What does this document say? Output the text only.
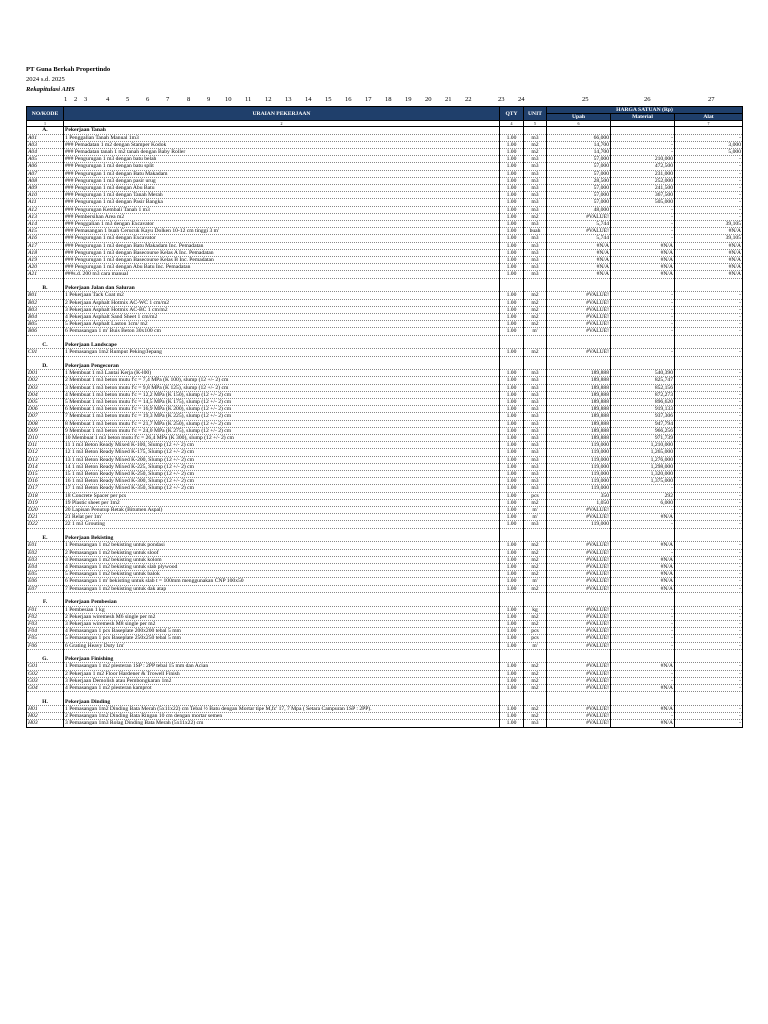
PT Guna Berkah Propertindo
2024 s.d. 2025
Rekapitulasi AHS
1 2 3	4	5	6	7	8	9 10 11 12 13 14 15 16 17 18 19 20 21 22	23 24	25	26	27
NO/KODE	URAIAN PEKERJAAN	QTY	UNIT	HARGA SATUAN (Rp)		
				Upah	Material	Alat
1	2	4	5	6		7
A.	Pekerjaan Tanah					
A01	1 Penggalian Tanah Manual 1m3	1.00	m3	66,000	-	-
A03	### Pemadatan 1 m2 dengan Stamper Kodok	1.00	m2	14,700	-	3,000
A04	### Pemadatan tanah 1 m2 tanah dengan Baby Roller	1.00	m2	14,700	-	5,000
A05	### Pengurugan 1 m3 dengan batu belah	1.00	m3	57,000	210,000	-
A06	### Pengurugan 1 m3 dengan batu split	1.00	m3	57,000	472,500	-
A07	### Pengurugan 1 m3 dengan Batu Makadam	1.00	m3	57,000	231,000	-
A08	### Pengurugan 1 m3 dengan pasir urug	1.00	m3	28,500	252,000	-
A09	### Pengurugan 1 m3 dengan Abu Batu	1.00	m3	57,000	241,500	-
A10	### Pengurugan 1 m3 dengan Tanah Merah	1.00	m3	57,000	367,500	-
A11	### Pengurugan 1 m3 dengan Pasir Bangka	1.00	m3	57,000	505,000	-
A12	### Pengurugan Kembali Tanah 1 m3	1.00	m3	48,000	-	-
A13	### Pembersihan Area m2	1.00	m2	#VALUE!	-	-
A14	### Penggalian 1 m3 dengan Excavator	1.00	m3	5,744	-	39,105
A15	### Pemasangan 1 buah Cerucuk Kayu Dolken 10-12 cm tinggi 3 m'	1.00	buah	#VALUE!	-	#N/A
A16	### Pengurugan 1 m3 dengan Excavator	1.00	m3	5,744	-	39,105
A17	### Pengurugan 1 m3 dengan Batu Makadam Inc. Pemadatan	1.00	m3	#N/A	#N/A	#N/A
A18	### Pengurugan 1 m3 dengan Basecourse Kelas A Inc. Pemadatan	1.00	m3	#N/A	#N/A	#N/A
A19	### Pengurugan 1 m3 dengan Basecourse Kelas B Inc. Pemadatan	1.00	m3	#N/A	#N/A	#N/A
A20	### Pengurugan 1 m3 dengan Abu Batu Inc. Pemadatan	1.00	m3	#N/A	#N/A	#N/A
A21	###s.d. 200 m3 cara manual	1.00	m3	#N/A	#N/A	#N/A

B.	Pekerjaan Jalan dan Saluran					
B01	1 Pekerjaan Tack Coat m2	1.00	m2	#VALUE!	-	-
B02	2 Pekerjaan Asphalt Hotmix AC-WC 1 cm/m2	1.00	m2	#VALUE!	-	-
B03	3 Pekerjaan Asphalt Hotmix AC-BC 1 cm/m2	1.00	m2	#VALUE!	-	-
B04	4 Pekerjaan Asphalt Sand Sheet 1 cm/m2	1.00	m2	#VALUE!	-	-
B05	5 Pekerjaan Asphalt Laston 1cm/ m2	1.00	m2	#VALUE!	-	-
B06	6 Pemasangan 1 m' Buis Beton 30x100 cm	1.00	m'	#VALUE!	-	-

C.	Pekerjaan Landscape					
C01	1 Pemasangan 1m2 Rumput Peking/Jepang	1.00	m2	#VALUE!	-	-

D.	Pekerjaan Pengecoran					
D01	1 Membuat 1 m3 Lantai Kerja (K-l00)	1.00	m3	189,888	540,390	-
D02	2 Membuat 1 m3 beton mutu f'c = 7,4 MPa (K 100), slump (12 +/- 2) cm	1.00	m3	189,888	825,747	-
D03	3 Membuat 1 m3 beton mutu f'c = 9,8 MPa (K 125), slump (12 +/- 2) cm	1.00	m3	189,888	852,156	-
D04	4 Membuat 1 m3 beton mutu f'c = 12,2 MPa (K 150), slump (12 +/- 2) cm	1.00	m3	189,888	872,273	-
D05	5 Membuat 1 m3 beton mutu f'c = 14,5 MPa (K 175), slump (12 +/- 2) cm	1.00	m3	189,888	896,620	-
D06	6 Membuat 1 m3 beton mutu f'c = 16,9 MPa (K 200), slump (12 +/- 2) cm	1.00	m3	189,888	919,133	-
D07	7 Membuat 1 m3 beton mutu f'c = 19,3 MPa (K 225), slump (12 +/- 2) cm	1.00	m3	189,888	937,306	-
D08	8 Membuat 1 m3 beton mutu f'c = 21,7 MPa (K 250), slump (12 +/- 2) cm	1.00	m3	189,888	947,794	-
D09	9 Membuat 1 m3 beton mutu f'c = 24,0 MPa (K 275), slump (12 +/- 2) cm	1.00	m3	189,888	966,256	-
D10	10 Membuat 1 m3 beton mutu f'c = 26,4 MPa (K 300), slump (12 +/- 2) cm	1.00	m3	189,888	971,739	-
D11	11 1 m3 Beton Ready Mixed K-100, Slump (12 +/- 2) cm	1.00	m3	119,000	1,210,000	-
D12	12 1 m3 Beton Ready Mixed K-175, Slump (12 +/- 2) cm	1.00	m3	119,000	1,265,000	-
D13	13 1 m3 Beton Ready Mixed K-200, Slump (12 +/- 2) cm	1.00	m3	119,000	1,276,000	-
D14	14 1 m3 Beton Ready Mixed K-225, Slump (12 +/- 2) cm	1.00	m3	119,000	1,298,000	-
D15	15 1 m3 Beton Ready Mixed K-250, Slump (12 +/- 2) cm	1.00	m3	119,000	1,320,000	-
D16	16 1 m3 Beton Ready Mixed K-300, Slump (12 +/- 2) cm	1.00	m3	119,000	1,375,000	-
D17	17 1 m3 Beton Ready Mixed K-350, Slump (12 +/- 2) cm	1.00	m3	119,000	-	-
D18	18 Concrete Spacer per pcs	1.00	pcs	350	292	-
D19	19 Plastic sheet per 1m2	1.00	m2	1,050	6,000	-
D20	20 Lapisan Penutup Retak (Bitumen Aspal)	1.00	m'	#VALUE!	-	-
D21	21 Relat per 1m'	1.00	m'	#VALUE!	#N/A	-
D22	22 1 m3 Grouting	1.00	m3	119,000	-	-

E.	Pekerjaan Bekisting					
E01	1 Pemasangan 1 m2 bekisting untuk pondasi	1.00	m2	#VALUE!	#N/A	-
E02	2 Pemasangan 1 m2 bekisting untuk sloof	1.00	m2	#VALUE!	-	-
E03	3 Pemasangan 1 m2 bekisting untuk kolom	1.00	m2	#VALUE!	#N/A	-
E04	4 Pemasangan 1 m2 bekisting untuk slab plywood	1.00	m2	#VALUE!	#N/A	-
E05	5 Pemasangan 1 m2 bekisting untuk balok	1.00	m2	#VALUE!	#N/A	-
E06	6 Pemasangan 1 m' bekisting untuk slab t = 100mm menggunakan CNP 100x50	1.00	m'	#VALUE!	#N/A	-
E07	7 Pemasangan 1 m2 bekisting untuk dak atap	1.00	m2	#VALUE!	#N/A	-

F.	Pekerjaan Pembesian					
F01	1 Pembesian 1 kg	1.00	kg	#VALUE!	-	-
F02	2 Pekerjaan wiremesh M6 single per m2	1.00	m2	#VALUE!	-	-
F03	3 Pekerjaan wiremesh M8 single per m2	1.00	m2	#VALUE!	-	-
F04	4 Pemasangan 1 pcs Baseplate 200x200 tebal 5 mm	1.00	pcs	#VALUE!	-	-
F05	5 Pemasangan 1 pcs Baseplate 250x250 tebal 5 mm	1.00	pcs	#VALUE!	-	-
F06	6 Grating Heavy Duty 1m'	1.00	m'	#VALUE!	-	-

G.	Pekerjaan Finishing					
G01	1 Pemasangan 1 m2 plesteran 1SP : 2PP tebal 15 mm dan Acian	1.00	m2	#VALUE!	#N/A	-
G02	2 Pekerjaan 1 m2 Floor Hardener & Trowell Finish	1.00	m2	#VALUE!	-	-
G03	3 Pekerjaan Demolish atau Pembongkaran 1m2	1.00	m2	#VALUE!	-	-
G04	4 Pemasangan 1 m2 plesteran kamprot	1.00	m2	#VALUE!	#N/A	-

H.	Pekerjaan Dinding					
H01	1 Pemasangan 1m2 Dinding Bata Merah (5x11x22) cm Tebal ½ Batu dengan Mortar tipe M,fc' 17, 7 Mpa ( Setara Campuran 1SP : 2PP).	1.00	m2	#VALUE!	#N/A	-
H02	2 Pemasangan 1m2 Dinding Bata Ringan 10 cm dengan mortar semen	1.00	m2	#VALUE!	-	-
H03	3 Pemasangan 1m3 Rolag Dinding Bata Merah (5x11x22) cm	1.00	m3	#VALUE!	#N/A	-
